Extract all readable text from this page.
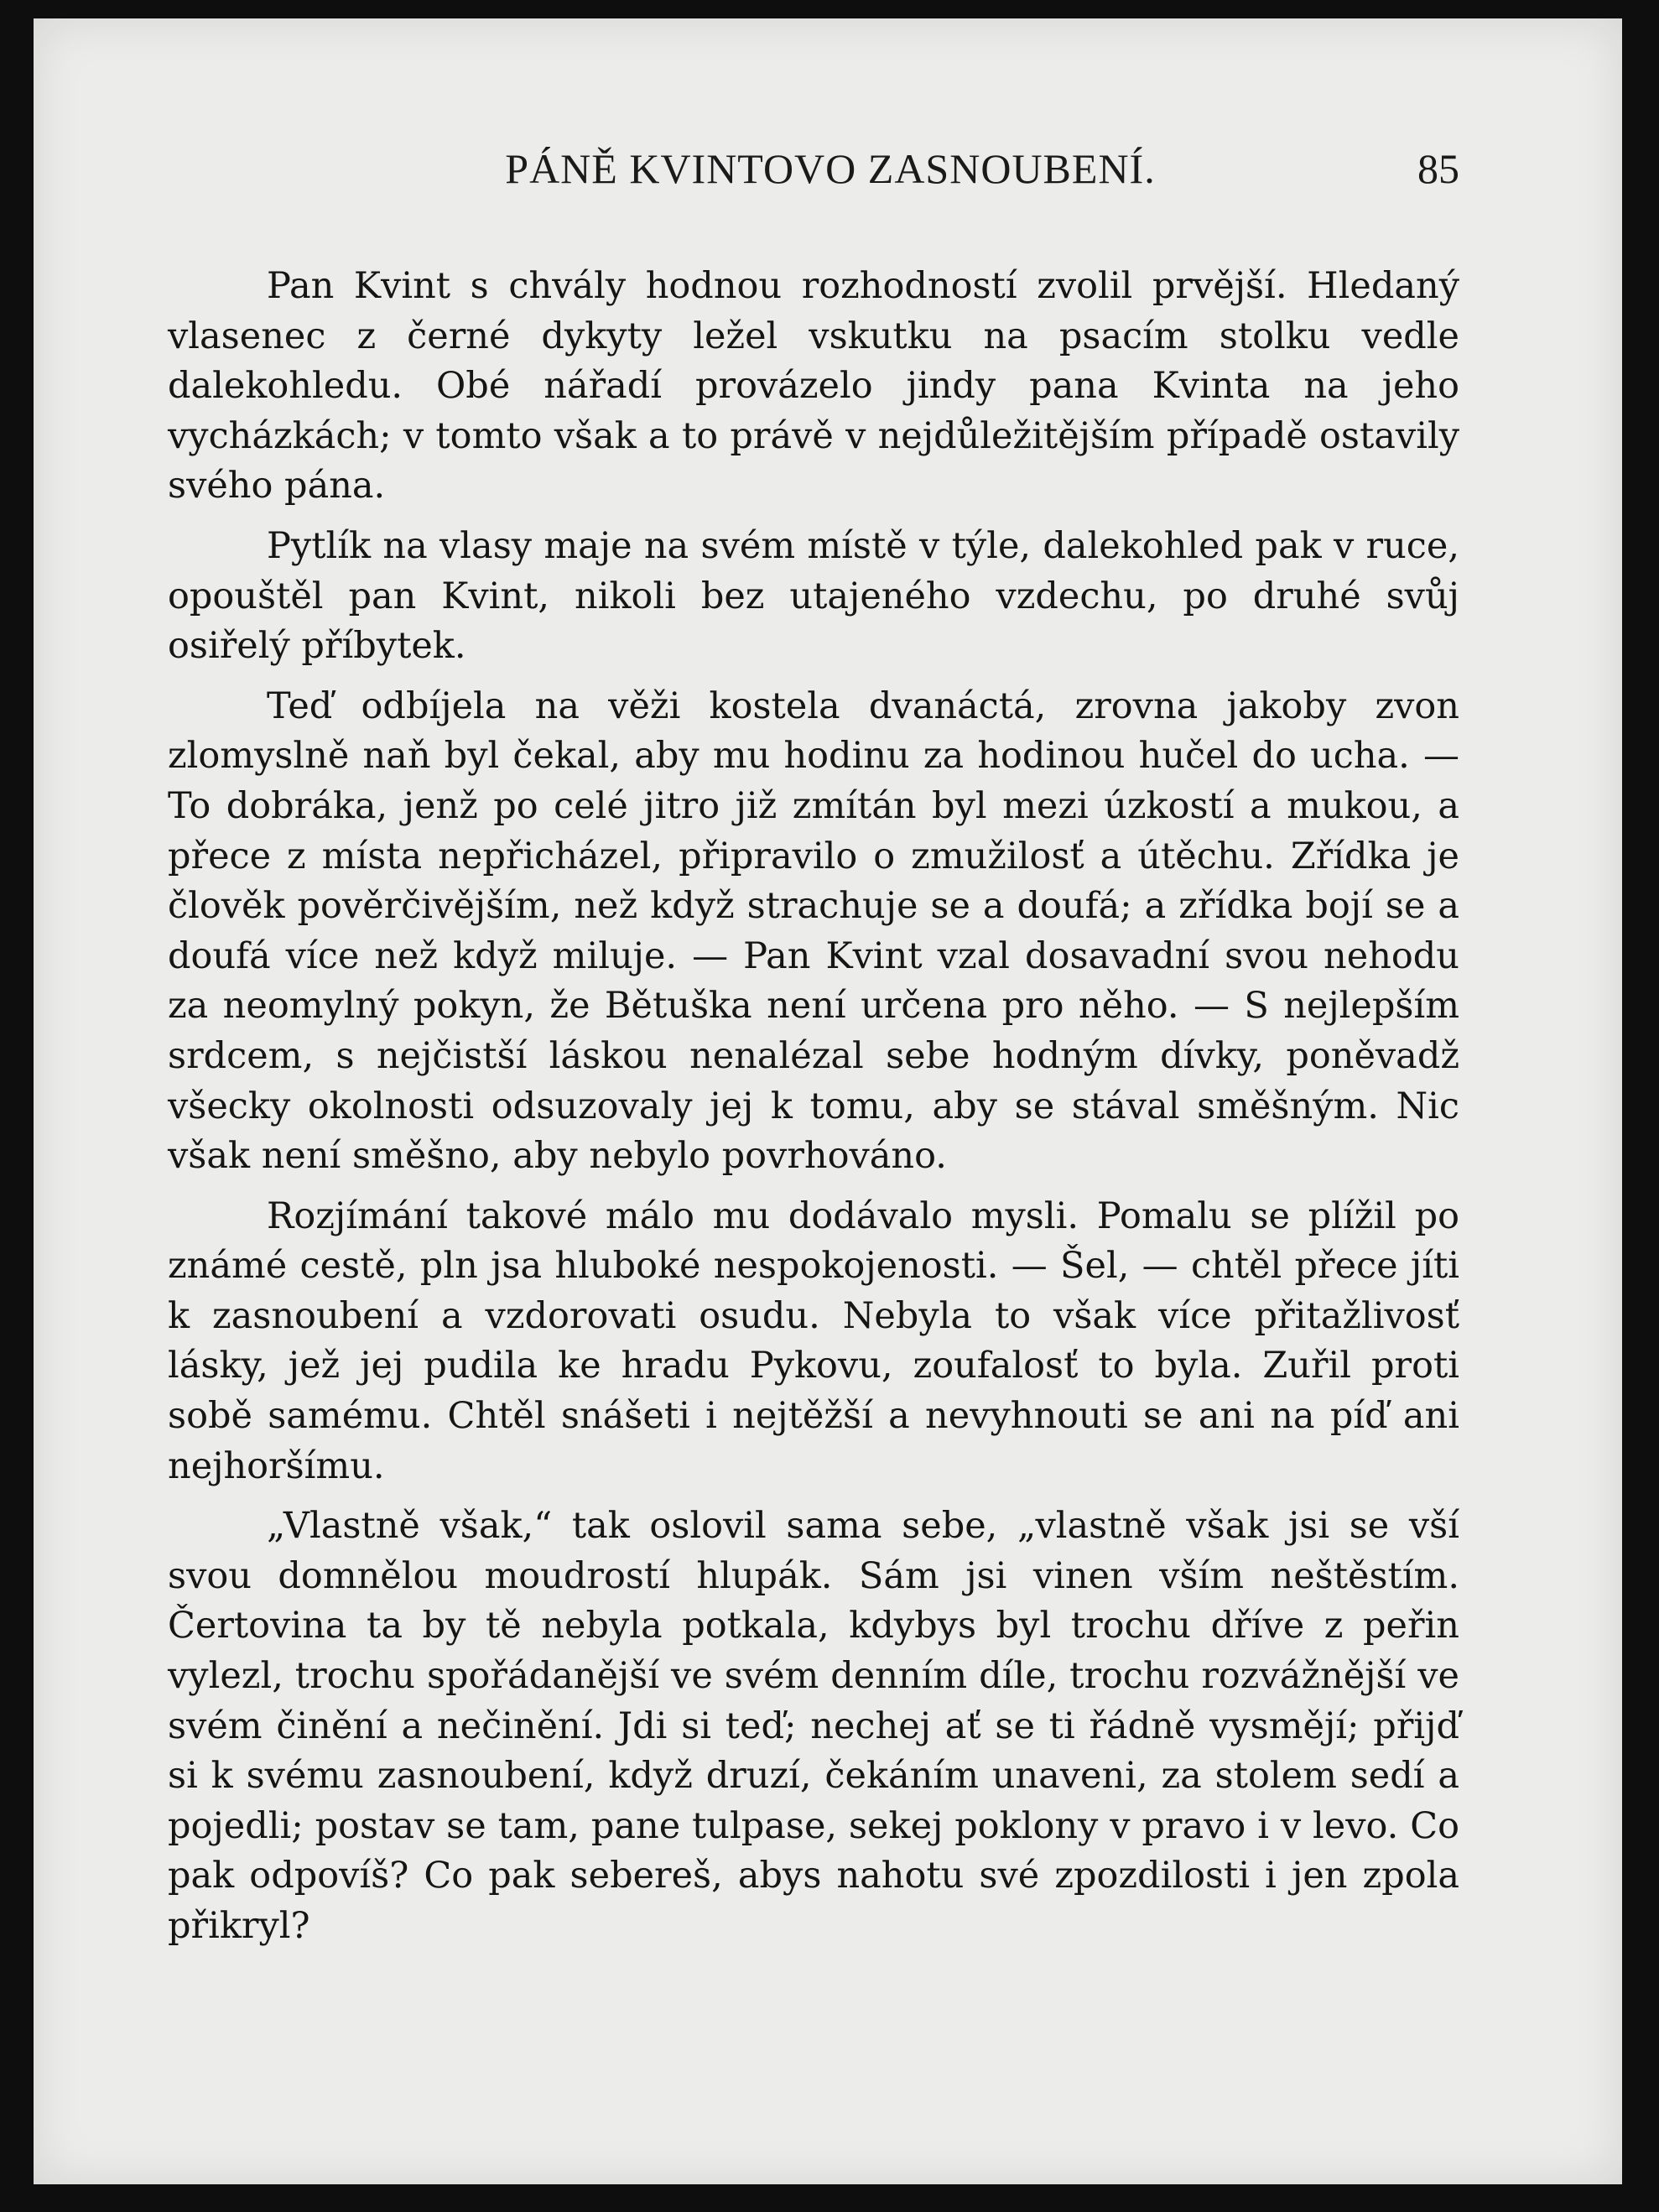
PÁNĚ KVINTOVO ZASNOUBENÍ.	85

Pan Kvint s chvály hodnou rozhodností zvolil prvější. Hledaný vlasenec z černé dykyty ležel vskutku na psacím stolku vedle dalekohledu. Obé nářadí provázelo jindy pana Kvinta na jeho vycházkách; v tomto však a to právě v nejdůležitějším případě ostavily svého pána.

Pytlík na vlasy maje na svém místě v týle, dalekohled pak v ruce, opouštěl pan Kvint, nikoli bez utajeného vzdechu, po druhé svůj osiřelý příbytek.

Teď odbíjela na věži kostela dvanáctá, zrovna jakoby zvon zlomyslně naň byl čekal, aby mu hodinu za hodinou hučel do ucha. — To dobráka, jenž po celé jitro již zmítán byl mezi úzkostí a mukou, a přece z místa nepřicházel, připravilo o zmužilosť a útěchu. Zřídka je člověk pověrčivějším, než když strachuje se a doufá; a zřídka bojí se a doufá více než když miluje. — Pan Kvint vzal dosavadní svou nehodu za neomylný pokyn, že Bětuška není určena pro něho. — S nejlepším srdcem, s nejčistší láskou nenalézal sebe hodným dívky, poněvadž všecky okolnosti odsuzovaly jej k tomu, aby se stával směšným. Nic však není směšno, aby nebylo povrhováno.

Rozjímání takové málo mu dodávalo mysli. Pomalu se plížil po známé cestě, pln jsa hluboké nespokojenosti. — Šel, — chtěl přece jíti k zasnoubení a vzdorovati osudu. Nebyla to však více přitažlivosť lásky, jež jej pudila ke hradu Pykovu, zoufalosť to byla. Zuřil proti sobě samému. Chtěl snášeti i nejtěžší a nevyhnouti se ani na píď ani nejhoršímu.

„Vlastně však,“ tak oslovil sama sebe, „vlastně však jsi se vší svou domnělou moudrostí hlupák. Sám jsi vinen vším neštěstím. Čertovina ta by tě nebyla potkala, kdybys byl trochu dříve z peřin vylezl, trochu spořádanější ve svém denním díle, trochu rozvážnější ve svém činění a nečinění. Jdi si teď; nechej ať se ti řádně vysmějí; přijď si k svému zasnoubení, když druzí, čekáním unaveni, za stolem sedí a pojedli; postav se tam, pane tulpase, sekej poklony v pravo i v levo. Co pak odpovíš? Co pak sebereš, abys nahotu své zpozdilosti i jen zpola přikryl?
